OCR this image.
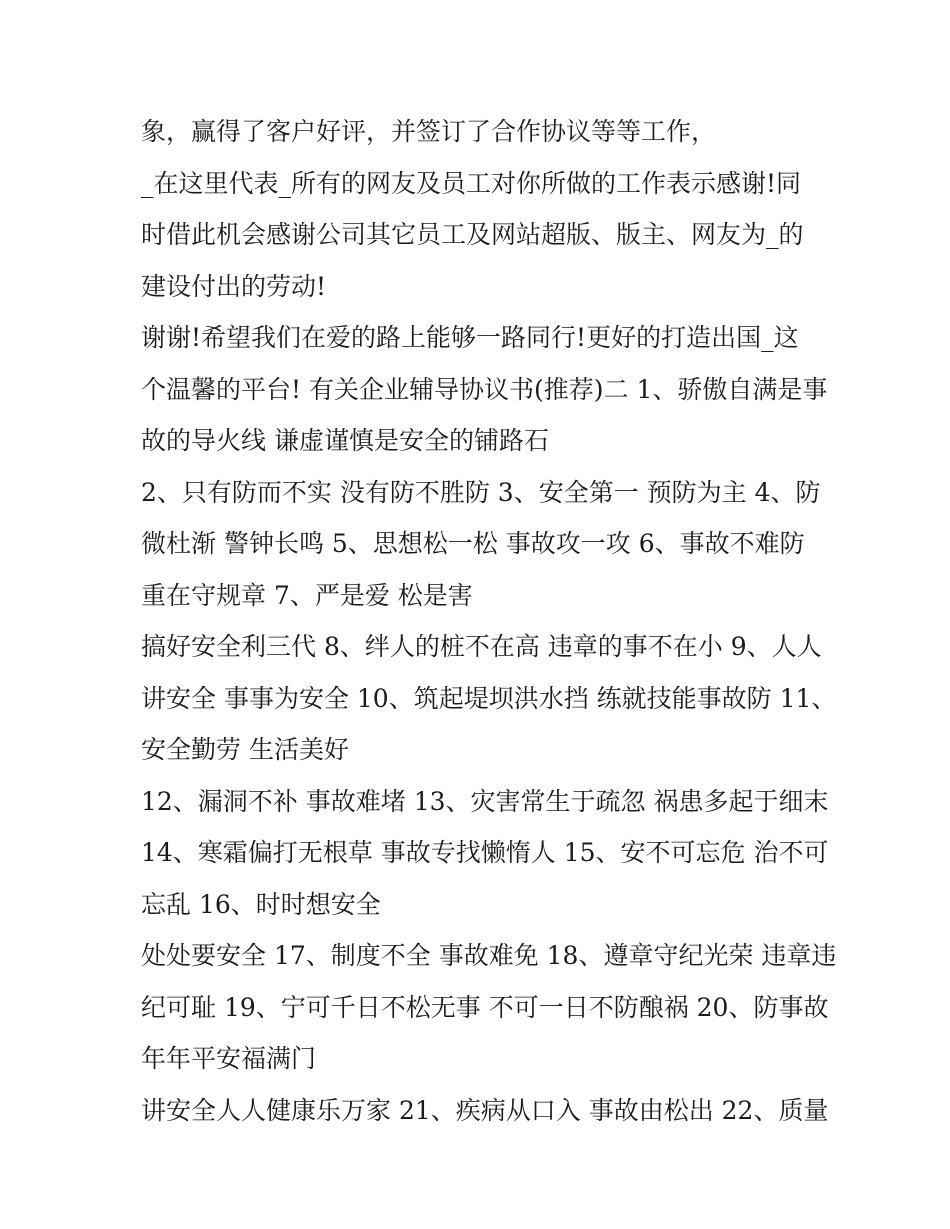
象，赢得了客户好评，并签订了合作协议等等工作，
_在这里代表_所有的网友及员工对你所做的工作表示感谢!同
时借此机会感谢公司其它员工及网站超版、版主、网友为_的
建设付出的劳动!
谢谢!希望我们在爱的路上能够一路同行!更好的打造出国_这
个温馨的平台! 有关企业辅导协议书(推荐)二 1、骄傲自满是事
故的导火线 谦虚谨慎是安全的铺路石
2、只有防而不实 没有防不胜防 3、安全第一 预防为主 4、防
微杜渐 警钟长鸣 5、思想松一松 事故攻一攻 6、事故不难防
重在守规章 7、严是爱 松是害
搞好安全利三代 8、绊人的桩不在高 违章的事不在小 9、人人
讲安全 事事为安全 10、筑起堤坝洪水挡 练就技能事故防 11、
安全勤劳 生活美好
12、漏洞不补 事故难堵 13、灾害常生于疏忽 祸患多起于细末
14、寒霜偏打无根草 事故专找懒惰人 15、安不可忘危 治不可
忘乱 16、时时想安全
处处要安全 17、制度不全 事故难免 18、遵章守纪光荣 违章违
纪可耻 19、宁可千日不松无事 不可一日不防酿祸 20、防事故
年年平安福满门
讲安全人人健康乐万家 21、疾病从口入 事故由松出 22、质量
